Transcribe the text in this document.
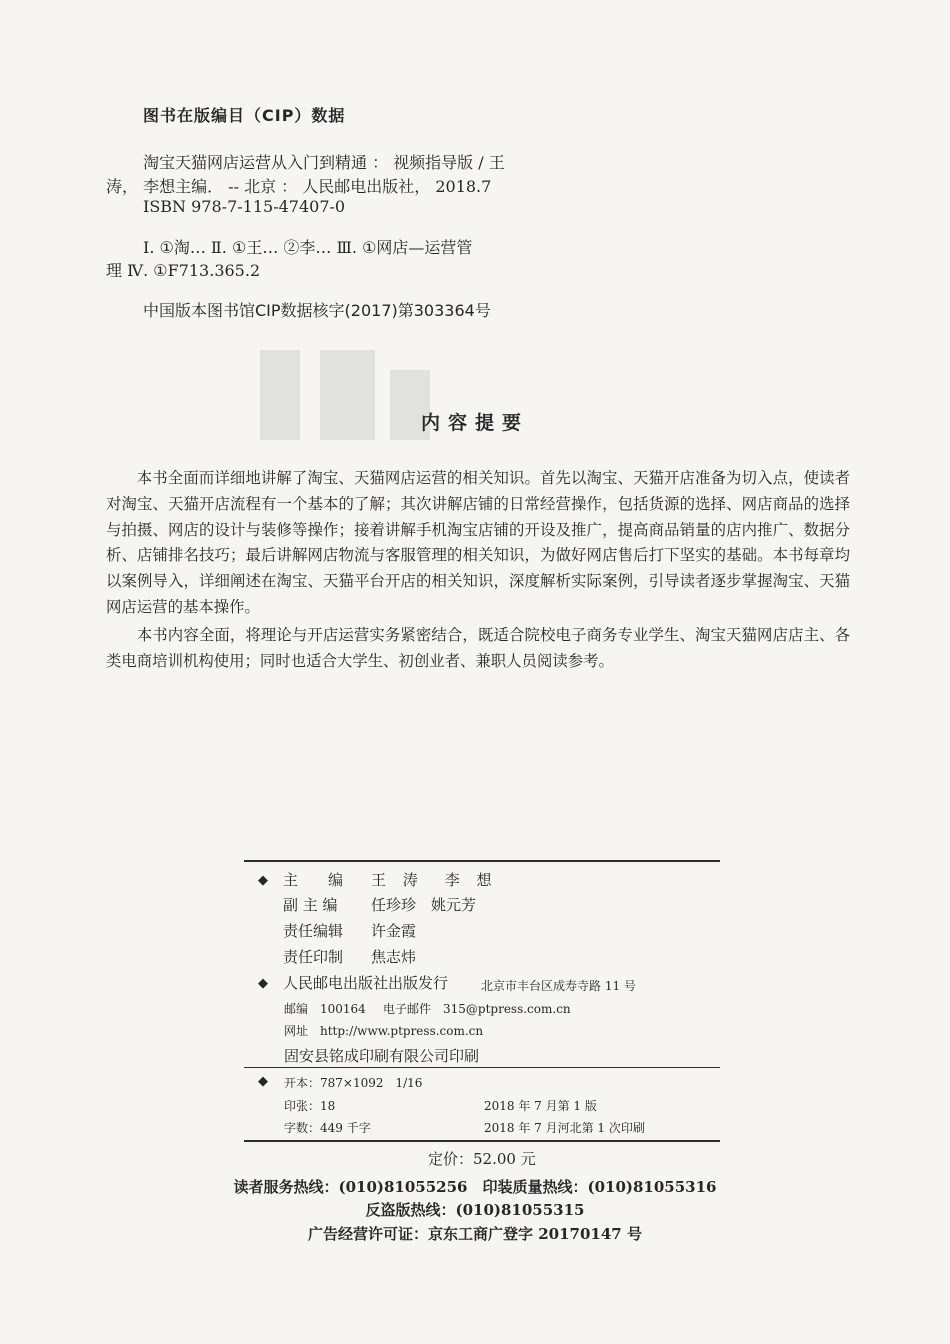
图书在版编目（CIP）数据
淘宝天猫网店运营从入门到精通 ： 视频指导版 / 王
涛， 李想主编． -- 北京 ： 人民邮电出版社， 2018.7
ISBN 978-7-115-47407-0
Ⅰ. ①淘… Ⅱ. ①王… ②李… Ⅲ. ①网店—运营管
理 Ⅳ. ①F713.365.2
中国版本图书馆CIP数据核字(2017)第303364号
内容提要
本书全面而详细地讲解了淘宝、天猫网店运营的相关知识。首先以淘宝、天猫开店准备为切入点，使读者对淘宝、天猫开店流程有一个基本的了解；其次讲解店铺的日常经营操作，包括货源的选择、网店商品的选择与拍摄、网店的设计与装修等操作；接着讲解手机淘宝店铺的开设及推广，提高商品销量的店内推广、数据分析、店铺排名技巧；最后讲解网店物流与客服管理的相关知识，为做好网店售后打下坚实的基础。本书每章均以案例导入，详细阐述在淘宝、天猫平台开店的相关知识，深度解析实际案例，引导读者逐步掌握淘宝、天猫网店运营的基本操作。
本书内容全面，将理论与开店运营实务紧密结合，既适合院校电子商务专业学生、淘宝天猫网店店主、各类电商培训机构使用；同时也适合大学生、初创业者、兼职人员阅读参考。
◆ 主　　编 王 涛　李 想
副 主 编 任珍珍　姚元芳
责任编辑 许金霞
责任印制 焦志炜
◆ 人民邮电出版社出版发行	北京市丰台区成寿寺路 11 号
邮编　100164 电子邮件　315@ptpress.com.cn
网址　http://www.ptpress.com.cn
固安县铭成印刷有限公司印刷
◆ 开本：787×1092　1/16
印张：18	2018 年 7 月第 1 版
字数：449 千字	2018 年 7 月河北第 1 次印刷
定价：52.00 元
读者服务热线：(010)81055256　印装质量热线：(010)81055316
反盗版热线：(010)81055315
广告经营许可证：京东工商广登字 20170147 号
